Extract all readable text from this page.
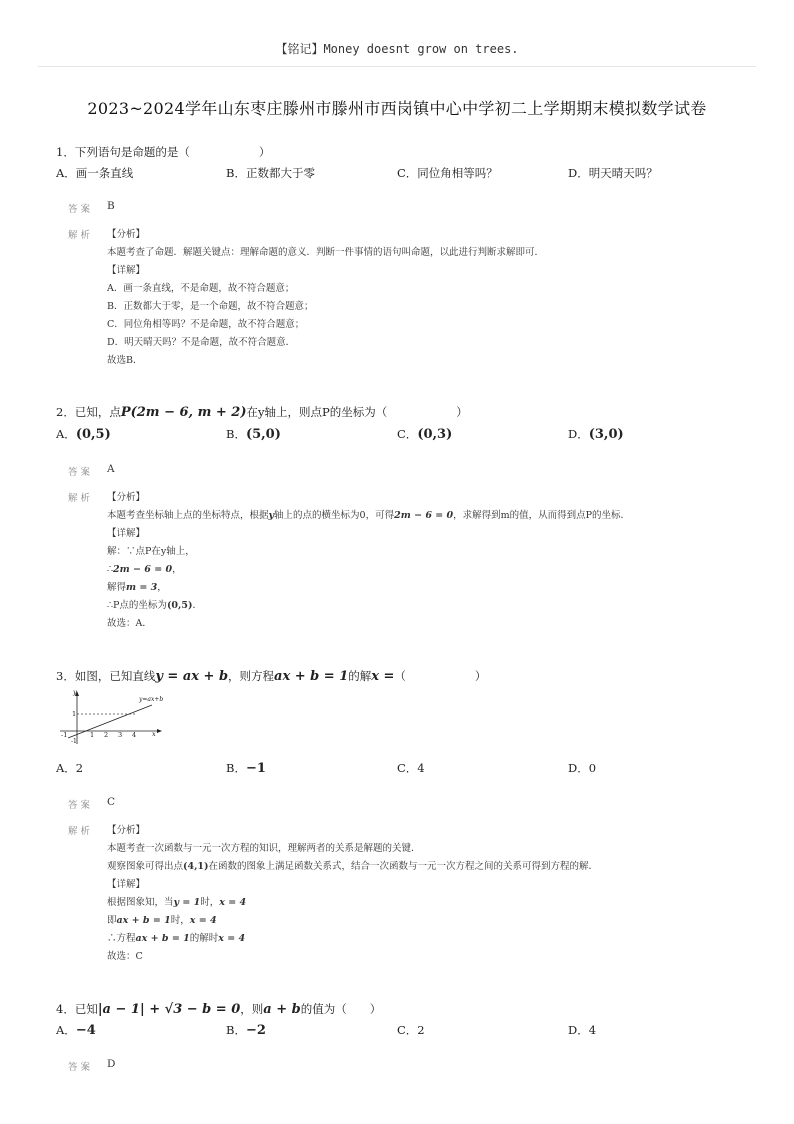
【铭记】Money doesnt grow on trees.
2023~2024学年山东枣庄滕州市滕州市西岗镇中心中学初二上学期期末模拟数学试卷
1．下列语句是命题的是（　　　　　　）
A．画一条直线	B．正数都大于零	C．同位角相等吗？	D．明天晴天吗？
答案 B
解析 【分析】
本题考查了命题．解题关键点：理解命题的意义．判断一件事情的语句叫命题，以此进行判断求解即可．
【详解】
A．画一条直线，不是命题，故不符合题意；
B．正数都大于零，是一个命题，故不符合题意；
C．同位角相等吗？不是命题，故不符合题意；
D．明天晴天吗？不是命题，故不符合题意．
故选B．
2．已知，点P(2m − 6, m + 2)在y轴上，则点P的坐标为（　　　　　　）
A．(0,5)	B．(5,0)	C．(0,3)	D．(3,0)
答案 A
解析 【分析】
本题考查坐标轴上点的坐标特点，根据y轴上的点的横坐标为0，可得2m − 6 = 0，求解得到m的值，从而得到点P的坐标．
【详解】
解：∵点P在y轴上，
∴2m − 6 = 0，
解得m = 3，
∴P点的坐标为(0,5)．
故选：A．
3．如图，已知直线y = ax + b，则方程ax + b = 1的解x =（　　　　　　）
y
x
y=ax+b
1
-1	1 2 3 4
-1
A．2	B．−1	C．4	D．0
答案 C
解析 【分析】
本题考查一次函数与一元一次方程的知识，理解两者的关系是解题的关键．
观察图象可得出点(4,1)在函数的图象上满足函数关系式，结合一次函数与一元一次方程之间的关系可得到方程的解．
【详解】
根据图象知，当y = 1时，x = 4
即ax + b = 1时，x = 4
∴方程ax + b = 1的解时x = 4
故选：C
4．已知|a − 1| + √3 − b = 0，则a + b的值为（　　）
A．−4	B．−2	C．2	D．4
答案 D
